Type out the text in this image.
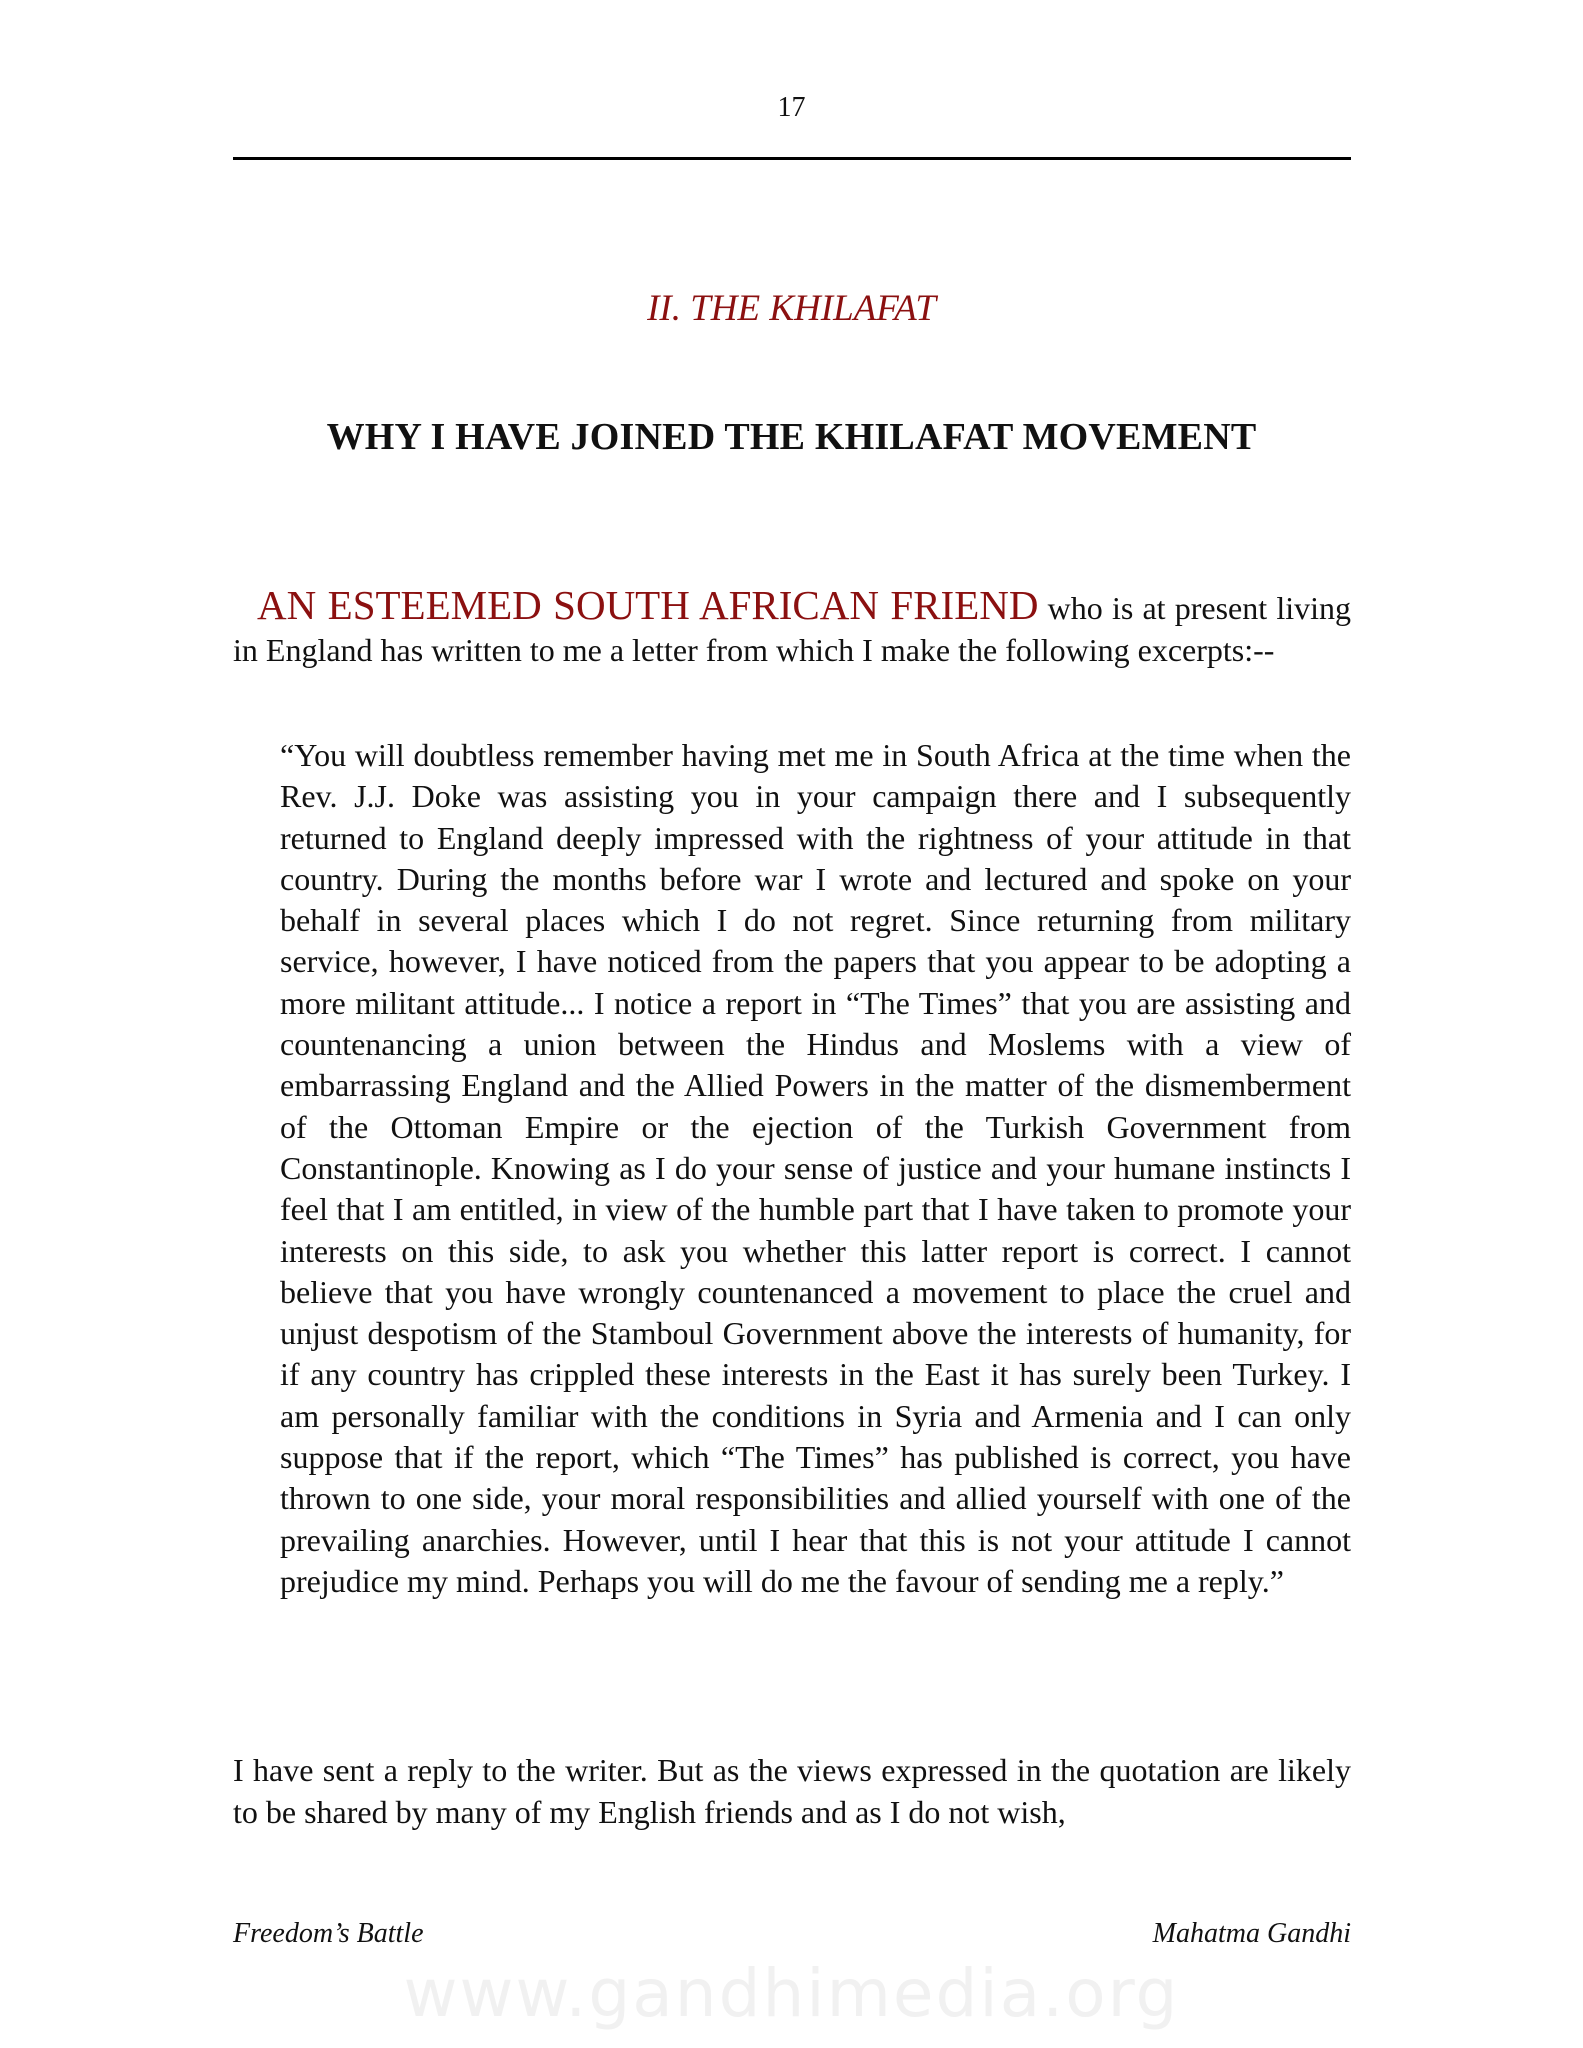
17
II. THE KHILAFAT
WHY I HAVE JOINED THE KHILAFAT MOVEMENT
AN ESTEEMED SOUTH AFRICAN FRIEND who is at present living in England has written to me a letter from which I make the following excerpts:--
“You will doubtless remember having met me in South Africa at the time when the Rev. J.J. Doke was assisting you in your campaign there and I subsequently returned to England deeply impressed with the rightness of your attitude in that country. During the months before war I wrote and lectured and spoke on your behalf in several places which I do not regret. Since returning from military service, however, I have noticed from the papers that you appear to be adopting a more militant attitude... I notice a report in “The Times” that you are assisting and countenancing a union between the Hindus and Moslems with a view of embarrassing England and the Allied Powers in the matter of the dismemberment of the Ottoman Empire or the ejection of the Turkish Government from Constantinople. Knowing as I do your sense of justice and your humane instincts I feel that I am entitled, in view of the humble part that I have taken to promote your interests on this side, to ask you whether this latter report is correct. I cannot believe that you have wrongly countenanced a movement to place the cruel and unjust despotism of the Stamboul Government above the interests of humanity, for if any country has crippled these interests in the East it has surely been Turkey. I am personally familiar with the conditions in Syria and Armenia and I can only suppose that if the report, which “The Times” has published is correct, you have thrown to one side, your moral responsibilities and allied yourself with one of the prevailing anarchies. However, until I hear that this is not your attitude I cannot prejudice my mind. Perhaps you will do me the favour of sending me a reply.”
I have sent a reply to the writer. But as the views expressed in the quotation are likely to be shared by many of my English friends and as I do not wish,
Freedom’s Battle	Mahatma Gandhi
www.gandhimedia.org
